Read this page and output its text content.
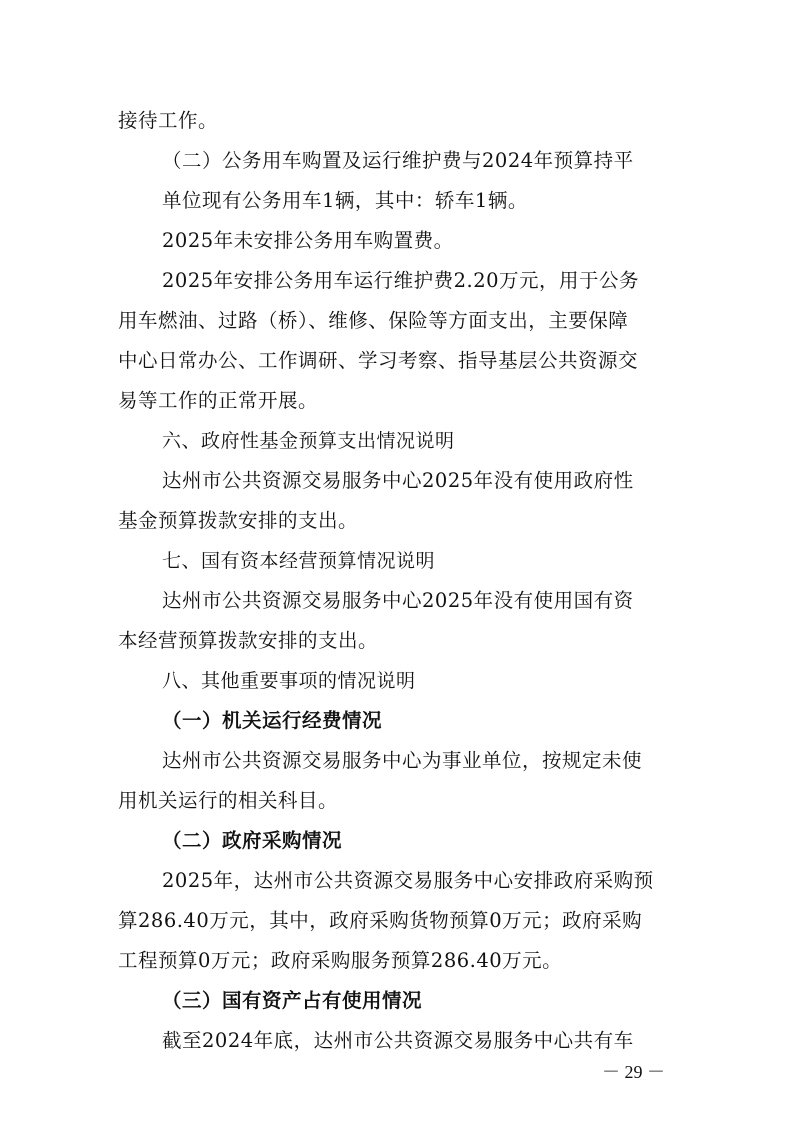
接待工作。
（二）公务用车购置及运行维护费与2024年预算持平
单位现有公务用车1辆，其中：轿车1辆。
2025年未安排公务用车购置费。
2025年安排公务用车运行维护费2.20万元，用于公务
用车燃油、过路（桥）、维修、保险等方面支出，主要保障
中心日常办公、工作调研、学习考察、指导基层公共资源交
易等工作的正常开展。
六、政府性基金预算支出情况说明
达州市公共资源交易服务中心2025年没有使用政府性
基金预算拨款安排的支出。
七、国有资本经营预算情况说明
达州市公共资源交易服务中心2025年没有使用国有资
本经营预算拨款安排的支出。
八、其他重要事项的情况说明
（一）机关运行经费情况
达州市公共资源交易服务中心为事业单位，按规定未使
用机关运行的相关科目。
（二）政府采购情况
2025年，达州市公共资源交易服务中心安排政府采购预
算286.40万元，其中，政府采购货物预算0万元；政府采购
工程预算0万元；政府采购服务预算286.40万元。
（三）国有资产占有使用情况
截至2024年底，达州市公共资源交易服务中心共有车
－ 29 －
